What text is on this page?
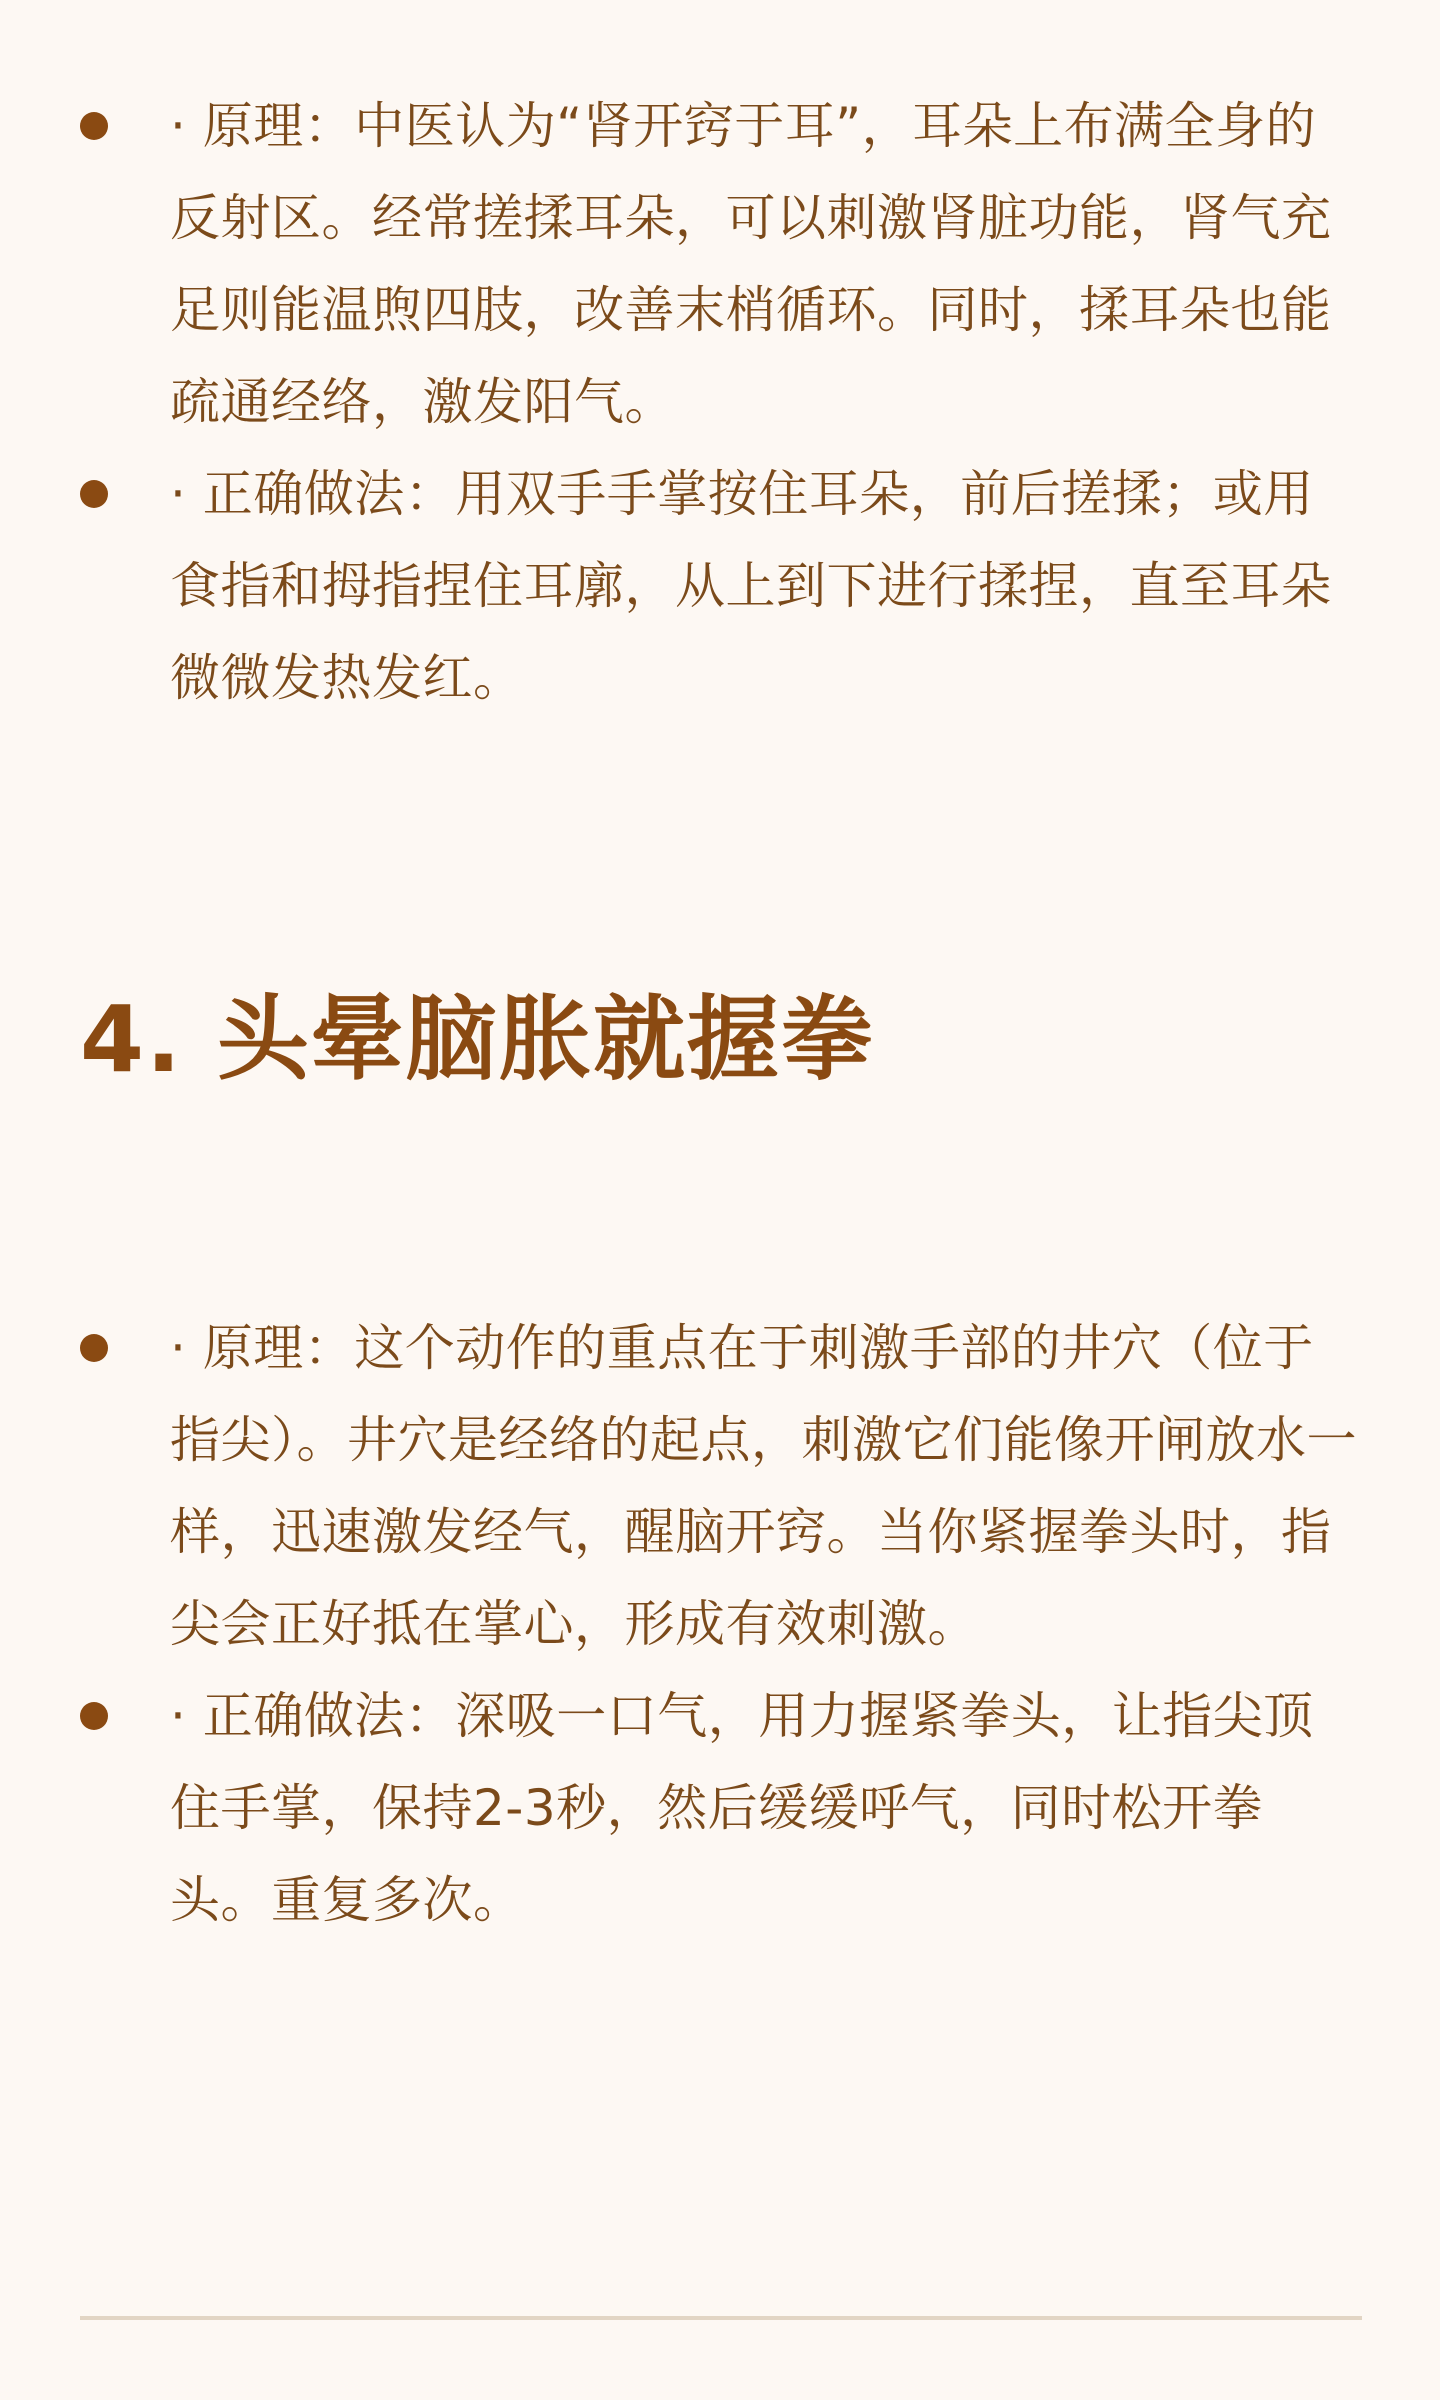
· 原理：中医认为“肾开窍于耳”，耳朵上布满全身的反射区。经常搓揉耳朵，可以刺激肾脏功能，肾气充足则能温煦四肢，改善末梢循环。同时，揉耳朵也能疏通经络，激发阳气。
· 正确做法：用双手手掌按住耳朵，前后搓揉；或用食指和拇指捏住耳廓，从上到下进行揉捏，直至耳朵微微发热发红。
4. 头晕脑胀就握拳
· 原理：这个动作的重点在于刺激手部的井穴（位于指尖）。井穴是经络的起点，刺激它们能像开闸放水一样，迅速激发经气，醒脑开窍。当你紧握拳头时，指尖会正好抵在掌心，形成有效刺激。
· 正确做法：深吸一口气，用力握紧拳头，让指尖顶住手掌，保持2-3秒，然后缓缓呼气，同时松开拳头。重复多次。
